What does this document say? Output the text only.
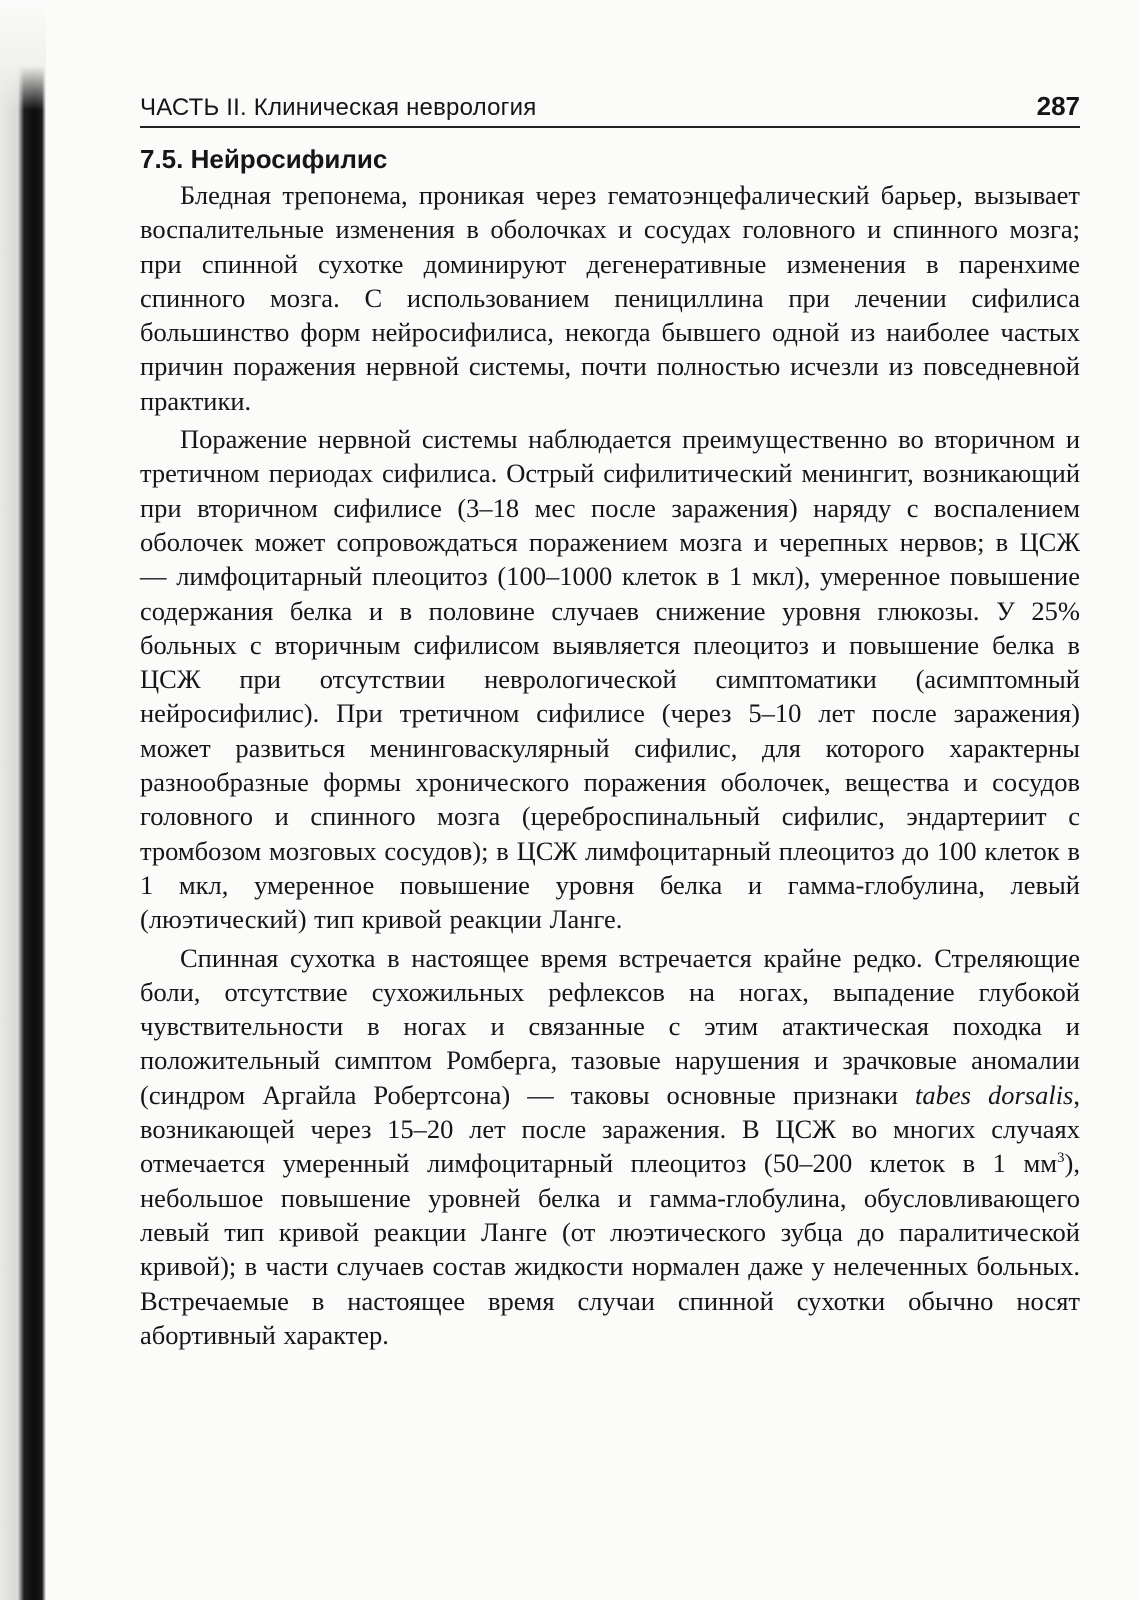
ЧАСТЬ II. Клиническая неврология	287
7.5. Нейросифилис

Бледная трепонема, проникая через гематоэнцефалический барьер, вызывает воспалительные изменения в оболочках и сосудах головного и спинного мозга; при спинной сухотке доминируют дегенеративные изменения в паренхиме спинного мозга. С использованием пенициллина при лечении сифилиса большинство форм нейросифилиса, некогда бывшего одной из наиболее частых причин поражения нервной системы, почти полностью исчезли из повседневной практики.

Поражение нервной системы наблюдается преимущественно во вторичном и третичном периодах сифилиса. Острый сифилитический менингит, возникающий при вторичном сифилисе (3–18 мес после заражения) наряду с воспалением оболочек может сопровождаться поражением мозга и черепных нервов; в ЦСЖ — лимфоцитарный плеоцитоз (100–1000 клеток в 1 мкл), умеренное повышение содержания белка и в половине случаев снижение уровня глюкозы. У 25% больных с вторичным сифилисом выявляется плеоцитоз и повышение белка в ЦСЖ при отсутствии неврологической симптоматики (асимптомный нейросифилис). При третичном сифилисе (через 5–10 лет после заражения) может развиться менинговаскулярный сифилис, для которого характерны разнообразные формы хронического поражения оболочек, вещества и сосудов головного и спинного мозга (цереброспинальный сифилис, эндартериит с тромбозом мозговых сосудов); в ЦСЖ лимфоцитарный плеоцитоз до 100 клеток в 1 мкл, умеренное повышение уровня белка и гамма-глобулина, левый (люэтический) тип кривой реакции Ланге.

Спинная сухотка в настоящее время встречается крайне редко. Стреляющие боли, отсутствие сухожильных рефлексов на ногах, выпадение глубокой чувствительности в ногах и связанные с этим атактическая походка и положительный симптом Ромберга, тазовые нарушения и зрачковые аномалии (синдром Аргайла Робертсона) — таковы основные признаки tabes dorsalis, возникающей через 15–20 лет после заражения. В ЦСЖ во многих случаях отмечается умеренный лимфоцитарный плеоцитоз (50–200 клеток в 1 $мм^3$), небольшое повышение уровней белка и гамма-глобулина, обусловливающего левый тип кривой реакции Ланге (от люэтического зубца до паралитической кривой); в части случаев состав жидкости нормален даже у нелеченных больных. Встречаемые в настоящее время случаи спинной сухотки обычно носят абортивный характер.
